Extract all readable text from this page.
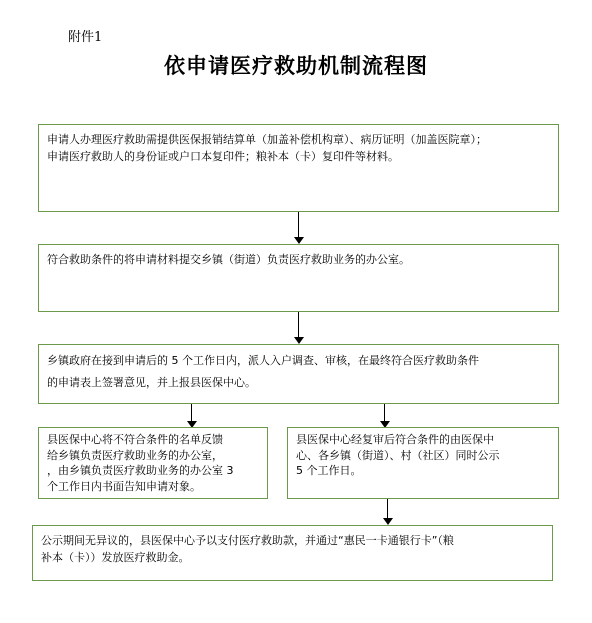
附件1
依申请医疗救助机制流程图
申请人办理医疗救助需提供医保报销结算单（加盖补偿机构章）、病历证明（加盖医院章）；
申请医疗救助人的身份证或户口本复印件；粮补本（卡）复印件等材料。
符合救助条件的将申请材料提交乡镇（街道）负责医疗救助业务的办公室。
乡镇政府在接到申请后的 5 个工作日内，派人入户调查、审核，在最终符合医疗救助条件
的申请表上签署意见，并上报县医保中心。
县医保中心将不符合条件的名单反馈
给乡镇负责医疗救助业务的办公室，
，由乡镇负责医疗救助业务的办公室 3
个工作日内书面告知申请对象。
县医保中心经复审后符合条件的由医保中
心、各乡镇（街道）、村（社区）同时公示
5 个工作日。
公示期间无异议的，县医保中心予以支付医疗救助款，并通过“惠民一卡通银行卡”（粮
补本（卡））发放医疗救助金。
